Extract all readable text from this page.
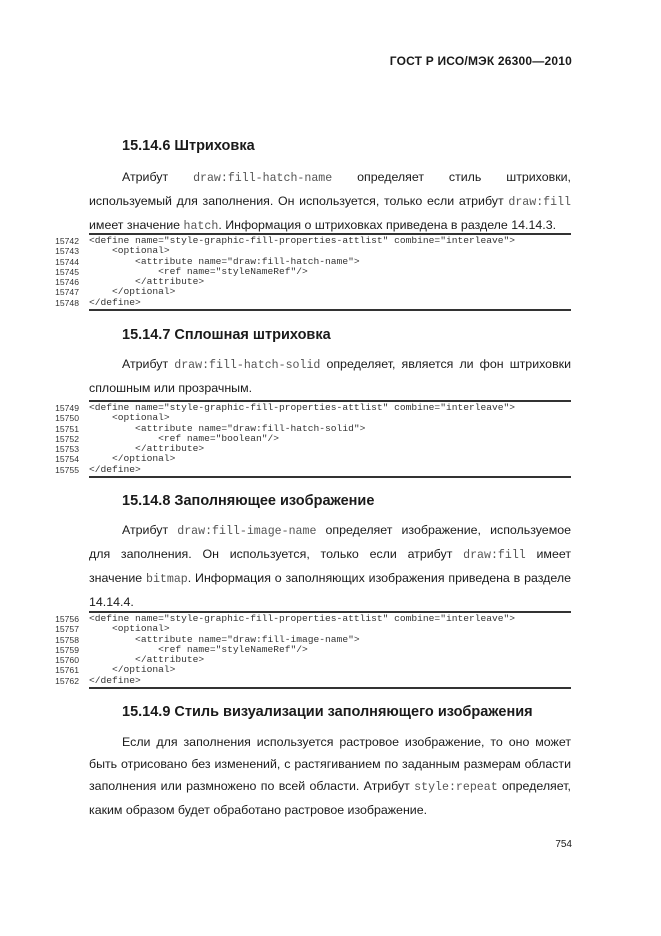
ГОСТ Р ИСО/МЭК 26300—2010
15.14.6 Штриховка
Атрибут draw:fill-hatch-name определяет стиль штриховки,
используемый для заполнения. Он используется, только если атрибут draw:fill
имеет значение hatch. Информация о штриховках приведена в разделе 14.14.3.
15742
15743
15744
15745
15746
15747
15748
<define name="style-graphic-fill-properties-attlist" combine="interleave">
<optional>
<attribute name="draw:fill-hatch-name">
<ref name="styleNameRef"/>
</attribute>
</optional>
</define>
15.14.7 Сплошная штриховка
Атрибут draw:fill-hatch-solid определяет, является ли фон штриховки
сплошным или прозрачным.
15749
15750
15751
15752
15753
15754
15755
<define name="style-graphic-fill-properties-attlist" combine="interleave">
<optional>
<attribute name="draw:fill-hatch-solid">
<ref name="boolean"/>
</attribute>
</optional>
</define>
15.14.8 Заполняющее изображение
Атрибут draw:fill-image-name определяет изображение, используемое
для заполнения. Он используется, только если атрибут draw:fill имеет
значение bitmap. Информация о заполняющих изображения приведена в разделе
14.14.4.
15756
15757
15758
15759
15760
15761
15762
<define name="style-graphic-fill-properties-attlist" combine="interleave">
<optional>
<attribute name="draw:fill-image-name">
<ref name="styleNameRef"/>
</attribute>
</optional>
</define>
15.14.9 Стиль визуализации заполняющего изображения
Если для заполнения используется растровое изображение, то оно может
быть отрисовано без изменений, с растягиванием по заданным размерам области
заполнения или размножено по всей области. Атрибут style:repeat определяет,
каким образом будет обработано растровое изображение.
754
